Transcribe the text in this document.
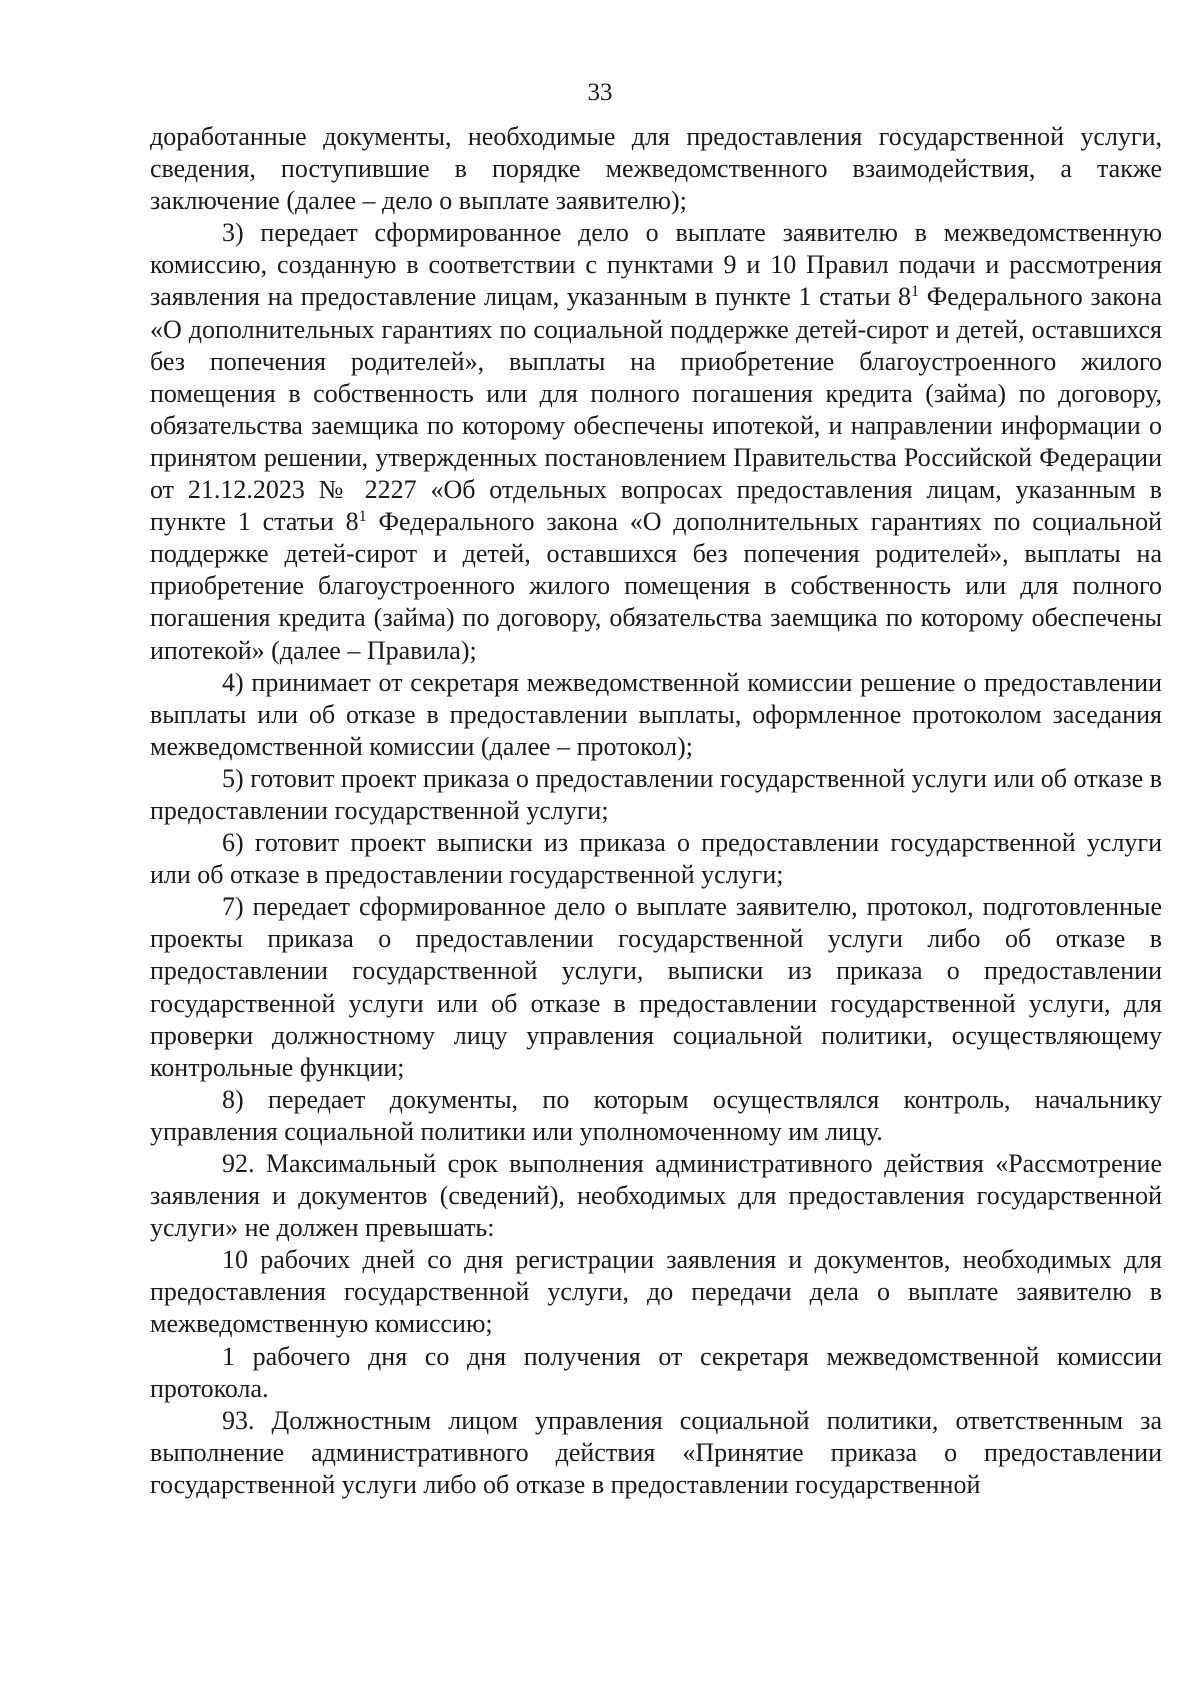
33

доработанные документы, необходимые для предоставления государственной услуги, сведения, поступившие в порядке межведомственного взаимодействия, а также заключение (далее – дело о выплате заявителю);

3) передает сформированное дело о выплате заявителю в межведомственную комиссию, созданную в соответствии с пунктами 9 и 10 Правил подачи и рассмотрения заявления на предоставление лицам, указанным в пункте 1 статьи $8^1$ Федерального закона «О дополнительных гарантиях по социальной поддержке детей-сирот и детей, оставшихся без попечения родителей», выплаты на приобретение благоустроенного жилого помещения в собственность или для полного погашения кредита (займа) по договору, обязательства заемщика по которому обеспечены ипотекой, и направлении информации о принятом решении, утвержденных постановлением Правительства Российской Федерации от 21.12.2023 № 2227 «Об отдельных вопросах предоставления лицам, указанным в пункте 1 статьи $8^1$ Федерального закона «О дополнительных гарантиях по социальной поддержке детей-сирот и детей, оставшихся без попечения родителей», выплаты на приобретение благоустроенного жилого помещения в собственность или для полного погашения кредита (займа) по договору, обязательства заемщика по которому обеспечены ипотекой» (далее – Правила);

4) принимает от секретаря межведомственной комиссии решение о предоставлении выплаты или об отказе в предоставлении выплаты, оформленное протоколом заседания межведомственной комиссии (далее – протокол);

5) готовит проект приказа о предоставлении государственной услуги или об отказе в предоставлении государственной услуги;

6) готовит проект выписки из приказа о предоставлении государственной услуги или об отказе в предоставлении государственной услуги;

7) передает сформированное дело о выплате заявителю, протокол, подготовленные проекты приказа о предоставлении государственной услуги либо об отказе в предоставлении государственной услуги, выписки из приказа о предоставлении государственной услуги или об отказе в предоставлении государственной услуги, для проверки должностному лицу управления социальной политики, осуществляющему контрольные функции;

8) передает документы, по которым осуществлялся контроль, начальнику управления социальной политики или уполномоченному им лицу.

92. Максимальный срок выполнения административного действия «Рассмотрение заявления и документов (сведений), необходимых для предоставления государственной услуги» не должен превышать:

10 рабочих дней со дня регистрации заявления и документов, необходимых для предоставления государственной услуги, до передачи дела о выплате заявителю в межведомственную комиссию;

1 рабочего дня со дня получения от секретаря межведомственной комиссии протокола.

93. Должностным лицом управления социальной политики, ответственным за выполнение административного действия «Принятие приказа о предоставлении государственной услуги либо об отказе в предоставлении государственной
